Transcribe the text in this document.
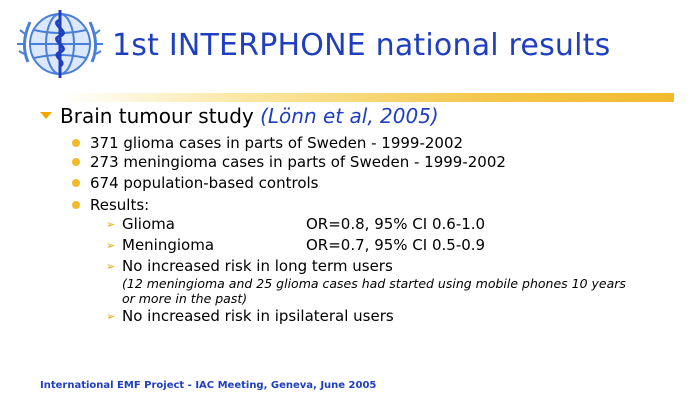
1st INTERPHONE national results
Brain tumour study (Lönn et al, 2005)
371 glioma cases in parts of Sweden - 1999-2002
273 meningioma cases in parts of Sweden - 1999-2002
674 population-based controls
Results:
➢ Glioma	OR=0.8, 95% CI 0.6-1.0
➢ Meningioma	OR=0.7, 95% CI 0.5-0.9
➢ No increased risk in long term users
(12 meningioma and 25 glioma cases had started using mobile phones 10 years or more in the past)
➢ No increased risk in ipsilateral users
International EMF Project - IAC Meeting, Geneva, June 2005
